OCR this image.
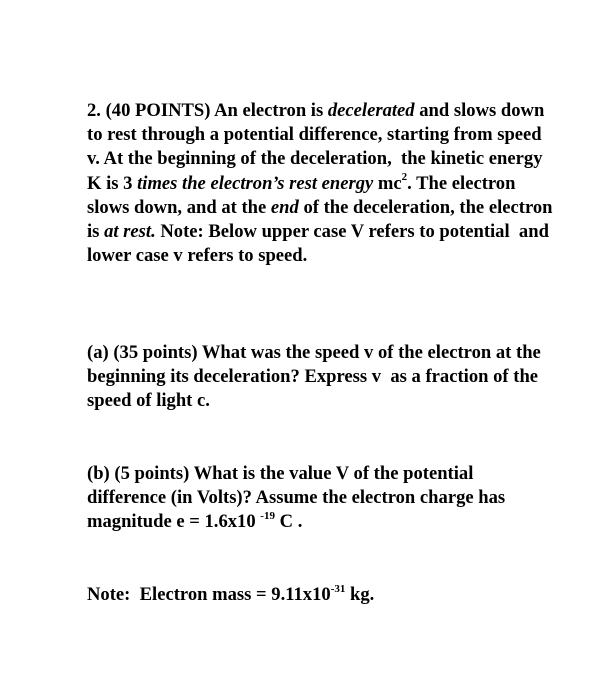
2. (40 POINTS) An electron is decelerated and slows down to rest through a potential difference, starting from speed v. At the beginning of the deceleration,  the kinetic energy K is 3 times the electron’s rest energy $mc^2$. The electron slows down, and at the end of the deceleration, the electron is at rest. Note: Below upper case V refers to potential  and lower case v refers to speed.

(a) (35 points) What was the speed v of the electron at the beginning its deceleration? Express v  as a fraction of the speed of light c.

(b) (5 points) What is the value V of the potential difference (in Volts)? Assume the electron charge has magnitude e = 1.6x10 $^{-19}$ C .

Note:  Electron mass = $9.11x10^{-31}$ kg.
